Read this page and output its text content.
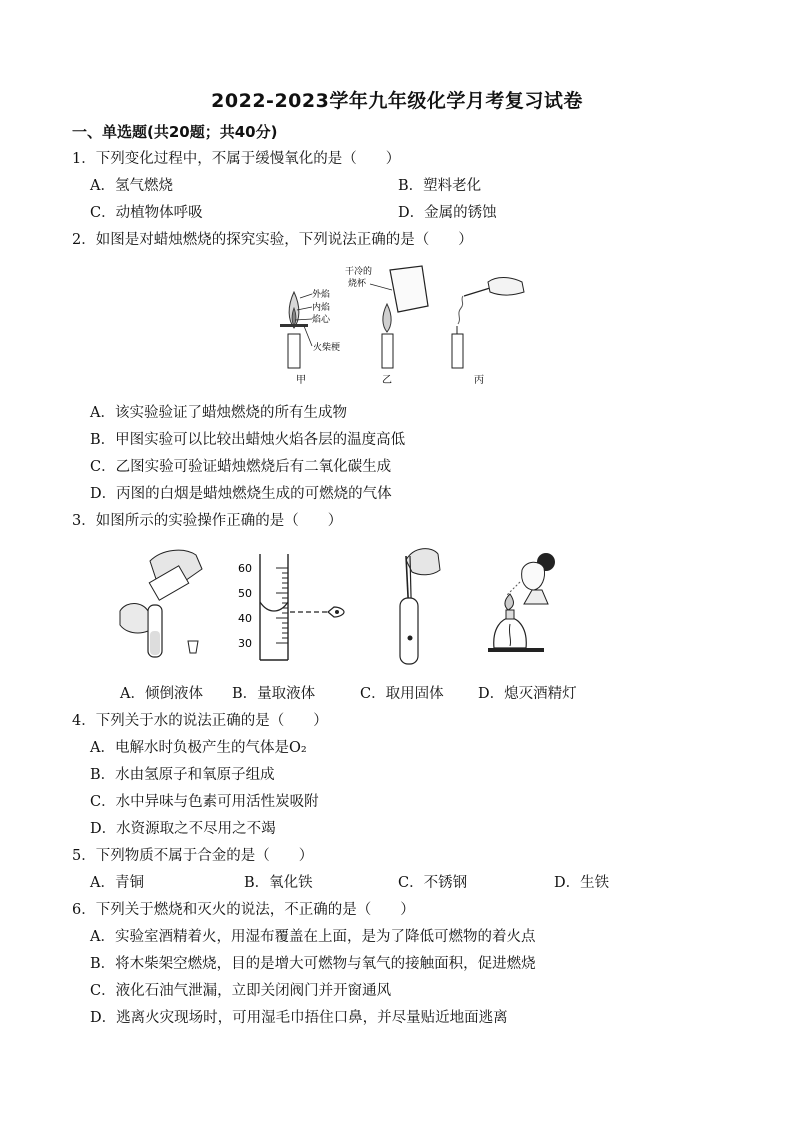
2022-2023学年九年级化学月考复习试卷
一、单选题(共20题；共40分)
1．下列变化过程中，不属于缓慢氧化的是（　　）
A．氢气燃烧	B．塑料老化
C．动植物体呼吸	D．金属的锈蚀
2．如图是对蜡烛燃烧的探究实验，下列说法正确的是（　　）
外焰
内焰
焰心
火柴梗
甲
干冷的
烧杯
乙	丙
A．该实验验证了蜡烛燃烧的所有生成物
B．甲图实验可以比较出蜡烛火焰各层的温度高低
C．乙图实验可验证蜡烛燃烧后有二氧化碳生成
D．丙图的白烟是蜡烛燃烧生成的可燃烧的气体
3．如图所示的实验操作正确的是（　　）
60
50
40
30
A．倾倒液体 B．量取液体	C．取用固体 D．熄灭酒精灯
4．下列关于水的说法正确的是（　　）
A．电解水时负极产生的气体是O₂
B．水由氢原子和氧原子组成
C．水中异味与色素可用活性炭吸附
D．水资源取之不尽用之不竭
5．下列物质不属于合金的是（　　）
A．青铜	B．氧化铁	C．不锈钢	D．生铁
6．下列关于燃烧和灭火的说法，不正确的是（　　）
A．实验室酒精着火，用湿布覆盖在上面，是为了降低可燃物的着火点
B．将木柴架空燃烧，目的是增大可燃物与氧气的接触面积，促进燃烧
C．液化石油气泄漏，立即关闭阀门并开窗通风
D．逃离火灾现场时，可用湿毛巾捂住口鼻，并尽量贴近地面逃离
